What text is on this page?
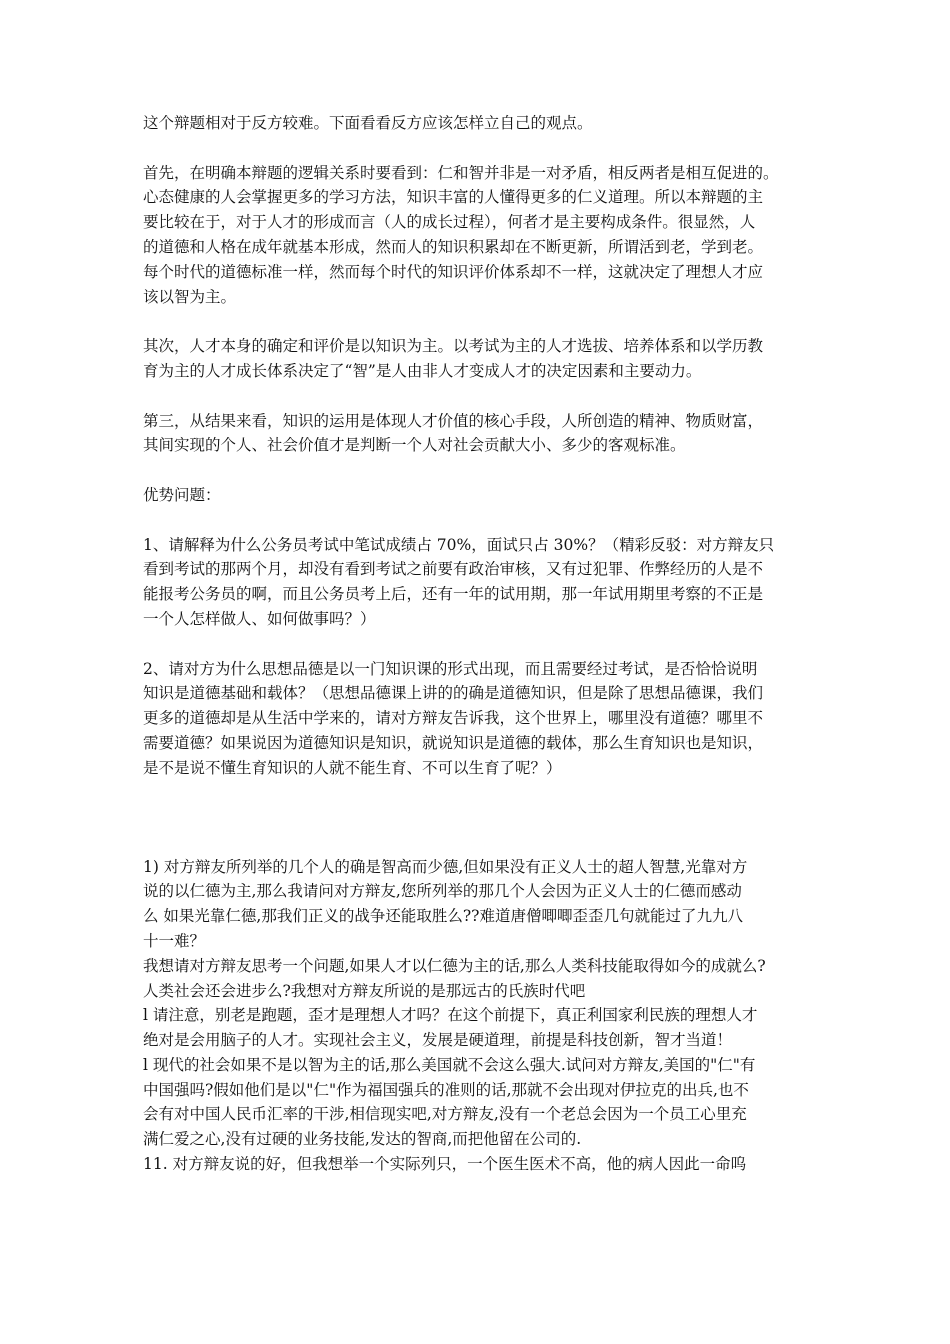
这个辩题相对于反方较难。下面看看反方应该怎样立自己的观点。
首先，在明确本辩题的逻辑关系时要看到：仁和智并非是一对矛盾，相反两者是相互促进的。
心态健康的人会掌握更多的学习方法，知识丰富的人懂得更多的仁义道理。所以本辩题的主
要比较在于，对于人才的形成而言（人的成长过程），何者才是主要构成条件。很显然，人
的道德和人格在成年就基本形成，然而人的知识积累却在不断更新，所谓活到老，学到老。
每个时代的道德标准一样，然而每个时代的知识评价体系却不一样，这就决定了理想人才应
该以智为主。
其次，人才本身的确定和评价是以知识为主。以考试为主的人才选拔、培养体系和以学历教
育为主的人才成长体系决定了“智”是人由非人才变成人才的决定因素和主要动力。
第三，从结果来看，知识的运用是体现人才价值的核心手段，人所创造的精神、物质财富，
其间实现的个人、社会价值才是判断一个人对社会贡献大小、多少的客观标准。
优势问题：
1、请解释为什么公务员考试中笔试成绩占 70%，面试只占 30%？（精彩反驳：对方辩友只
看到考试的那两个月，却没有看到考试之前要有政治审核，又有过犯罪、作弊经历的人是不
能报考公务员的啊，而且公务员考上后，还有一年的试用期，那一年试用期里考察的不正是
一个人怎样做人、如何做事吗？）
2、请对方为什么思想品德是以一门知识课的形式出现，而且需要经过考试，是否恰恰说明
知识是道德基础和载体？（思想品德课上讲的的确是道德知识，但是除了思想品德课，我们
更多的道德却是从生活中学来的，请对方辩友告诉我，这个世界上，哪里没有道德？哪里不
需要道德？如果说因为道德知识是知识，就说知识是道德的载体，那么生育知识也是知识，
是不是说不懂生育知识的人就不能生育、不可以生育了呢？）
1) 对方辩友所列举的几个人的确是智高而少德,但如果没有正义人士的超人智慧,光靠对方
说的以仁德为主,那么我请问对方辩友,您所列举的那几个人会因为正义人士的仁德而感动
么 如果光靠仁德,那我们正义的战争还能取胜么??难道唐僧唧唧歪歪几句就能过了九九八
十一难？
我想请对方辩友思考一个问题,如果人才以仁德为主的话,那么人类科技能取得如今的成就么?
人类社会还会进步么?我想对方辩友所说的是那远古的氏族时代吧
l 请注意，别老是跑题，歪才是理想人才吗？在这个前提下，真正利国家利民族的理想人才
绝对是会用脑子的人才。实现社会主义，发展是硬道理，前提是科技创新，智才当道！
l 现代的社会如果不是以智为主的话,那么美国就不会这么强大.试问对方辩友,美国的"仁"有
中国强吗?假如他们是以"仁"作为福国强兵的准则的话,那就不会出现对伊拉克的出兵,也不
会有对中国人民币汇率的干涉,相信现实吧,对方辩友,没有一个老总会因为一个员工心里充
满仁爱之心,没有过硬的业务技能,发达的智商,而把他留在公司的.
11. 对方辩友说的好，但我想举一个实际列只，一个医生医术不高，他的病人因此一命呜
